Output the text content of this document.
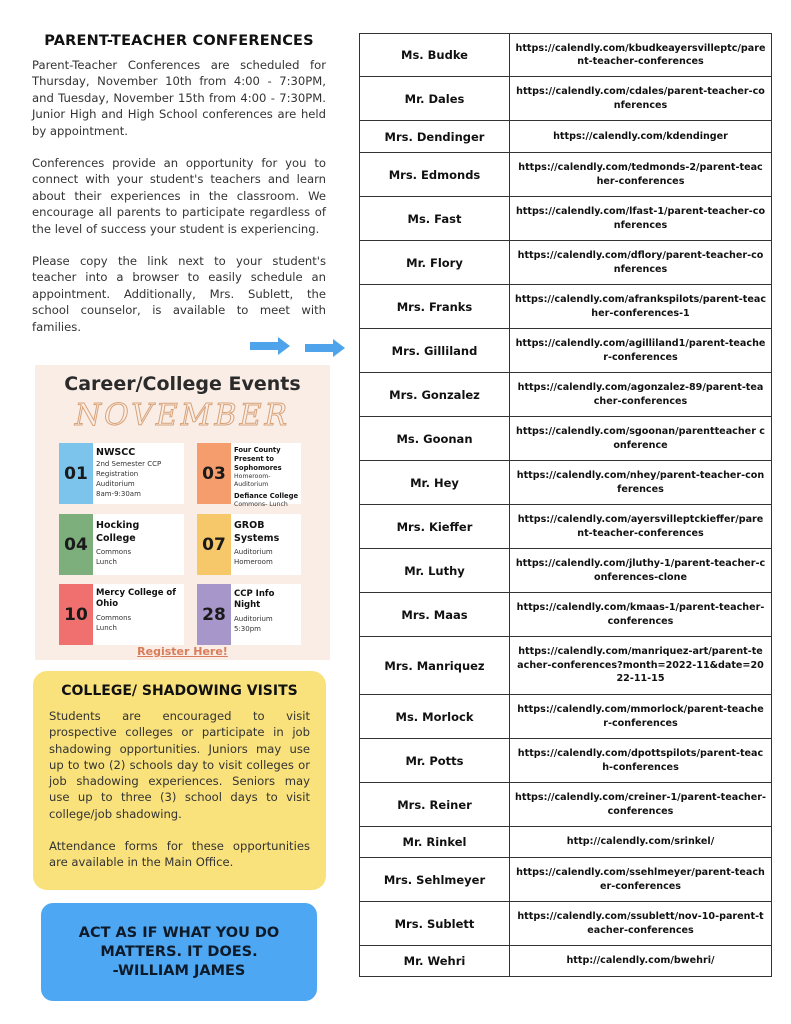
PARENT-TEACHER CONFERENCES

Parent-Teacher Conferences are scheduled for Thursday, November 10th from 4:00 - 7:30PM, and Tuesday, November 15th from 4:00 - 7:30PM. Junior High and High School conferences are held by appointment.

Conferences provide an opportunity for you to connect with your student's teachers and learn about their experiences in the classroom. We encourage all parents to participate regardless of the level of success your student is experiencing.

Please copy the link next to your student's teacher into a browser to easily schedule an appointment. Additionally, Mrs. Sublett, the school counselor, is available to meet with families.

Career/College Events
NOVEMBER
01
NWSCC
2nd Semester CCP
Registration
Auditorium
8am-9:30am
03
Four County Present to Sophomores
Homeroom- Auditorium
Defiance College
Commons- Lunch
04
Hocking College
Commons
Lunch
07
GROB Systems
Auditorium
Homeroom
10
Mercy College of Ohio
Commons
Lunch
28
CCP Info Night
Auditorium
5:30pm
Register Here!
COLLEGE/ SHADOWING VISITS

Students are encouraged to visit prospective colleges or participate in job shadowing opportunities. Juniors may use up to two (2) schools day to visit colleges or job shadowing experiences. Seniors may use up to three (3) school days to visit college/job shadowing.

Attendance forms for these opportunities are available in the Main Office.

ACT AS IF WHAT YOU DO
MATTERS. IT DOES.
-WILLIAM JAMES
Ms. Budke	https://calendly.com/kbudkeayersvilleptc/parent-teacher-conferences
Mr. Dales	https://calendly.com/cdales/parent-teacher-conferences
Mrs. Dendinger	https://calendly.com/kdendinger
Mrs. Edmonds	https://calendly.com/tedmonds-2/parent-teacher-conferences
Ms. Fast	https://calendly.com/lfast-1/parent-teacher-conferences
Mr. Flory	https://calendly.com/dflory/parent-teacher-conferences
Mrs. Franks	https://calendly.com/afrankspilots/parent-teacher-conferences-1
Mrs. Gilliland	https://calendly.com/agilliland1/parent-teacher-conferences
Mrs. Gonzalez	https://calendly.com/agonzalez-89/parent-teacher-conferences
Ms. Goonan	https://calendly.com/sgoonan/parentteacher conference
Mr. Hey	https://calendly.com/nhey/parent-teacher-conferences
Mrs. Kieffer	https://calendly.com/ayersvilleptckieffer/parent-teacher-conferences
Mr. Luthy	https://calendly.com/jluthy-1/parent-teacher-conferences-clone
Mrs. Maas	https://calendly.com/kmaas-1/parent-teacher-conferences
Mrs. Manriquez	https://calendly.com/manriquez-art/parent-teacher-conferences?month=2022-11&date=2022-11-15
Ms. Morlock	https://calendly.com/mmorlock/parent-teacher-conferences
Mr. Potts	https://calendly.com/dpottspilots/parent-teach-conferences
Mrs. Reiner	https://calendly.com/creiner-1/parent-teacher-conferences
Mr. Rinkel	http://calendly.com/srinkel/
Mrs. Sehlmeyer	https://calendly.com/ssehlmeyer/parent-teacher-conferences
Mrs. Sublett	https://calendly.com/ssublett/nov-10-parent-teacher-conferences
Mr. Wehri	http://calendly.com/bwehri/
